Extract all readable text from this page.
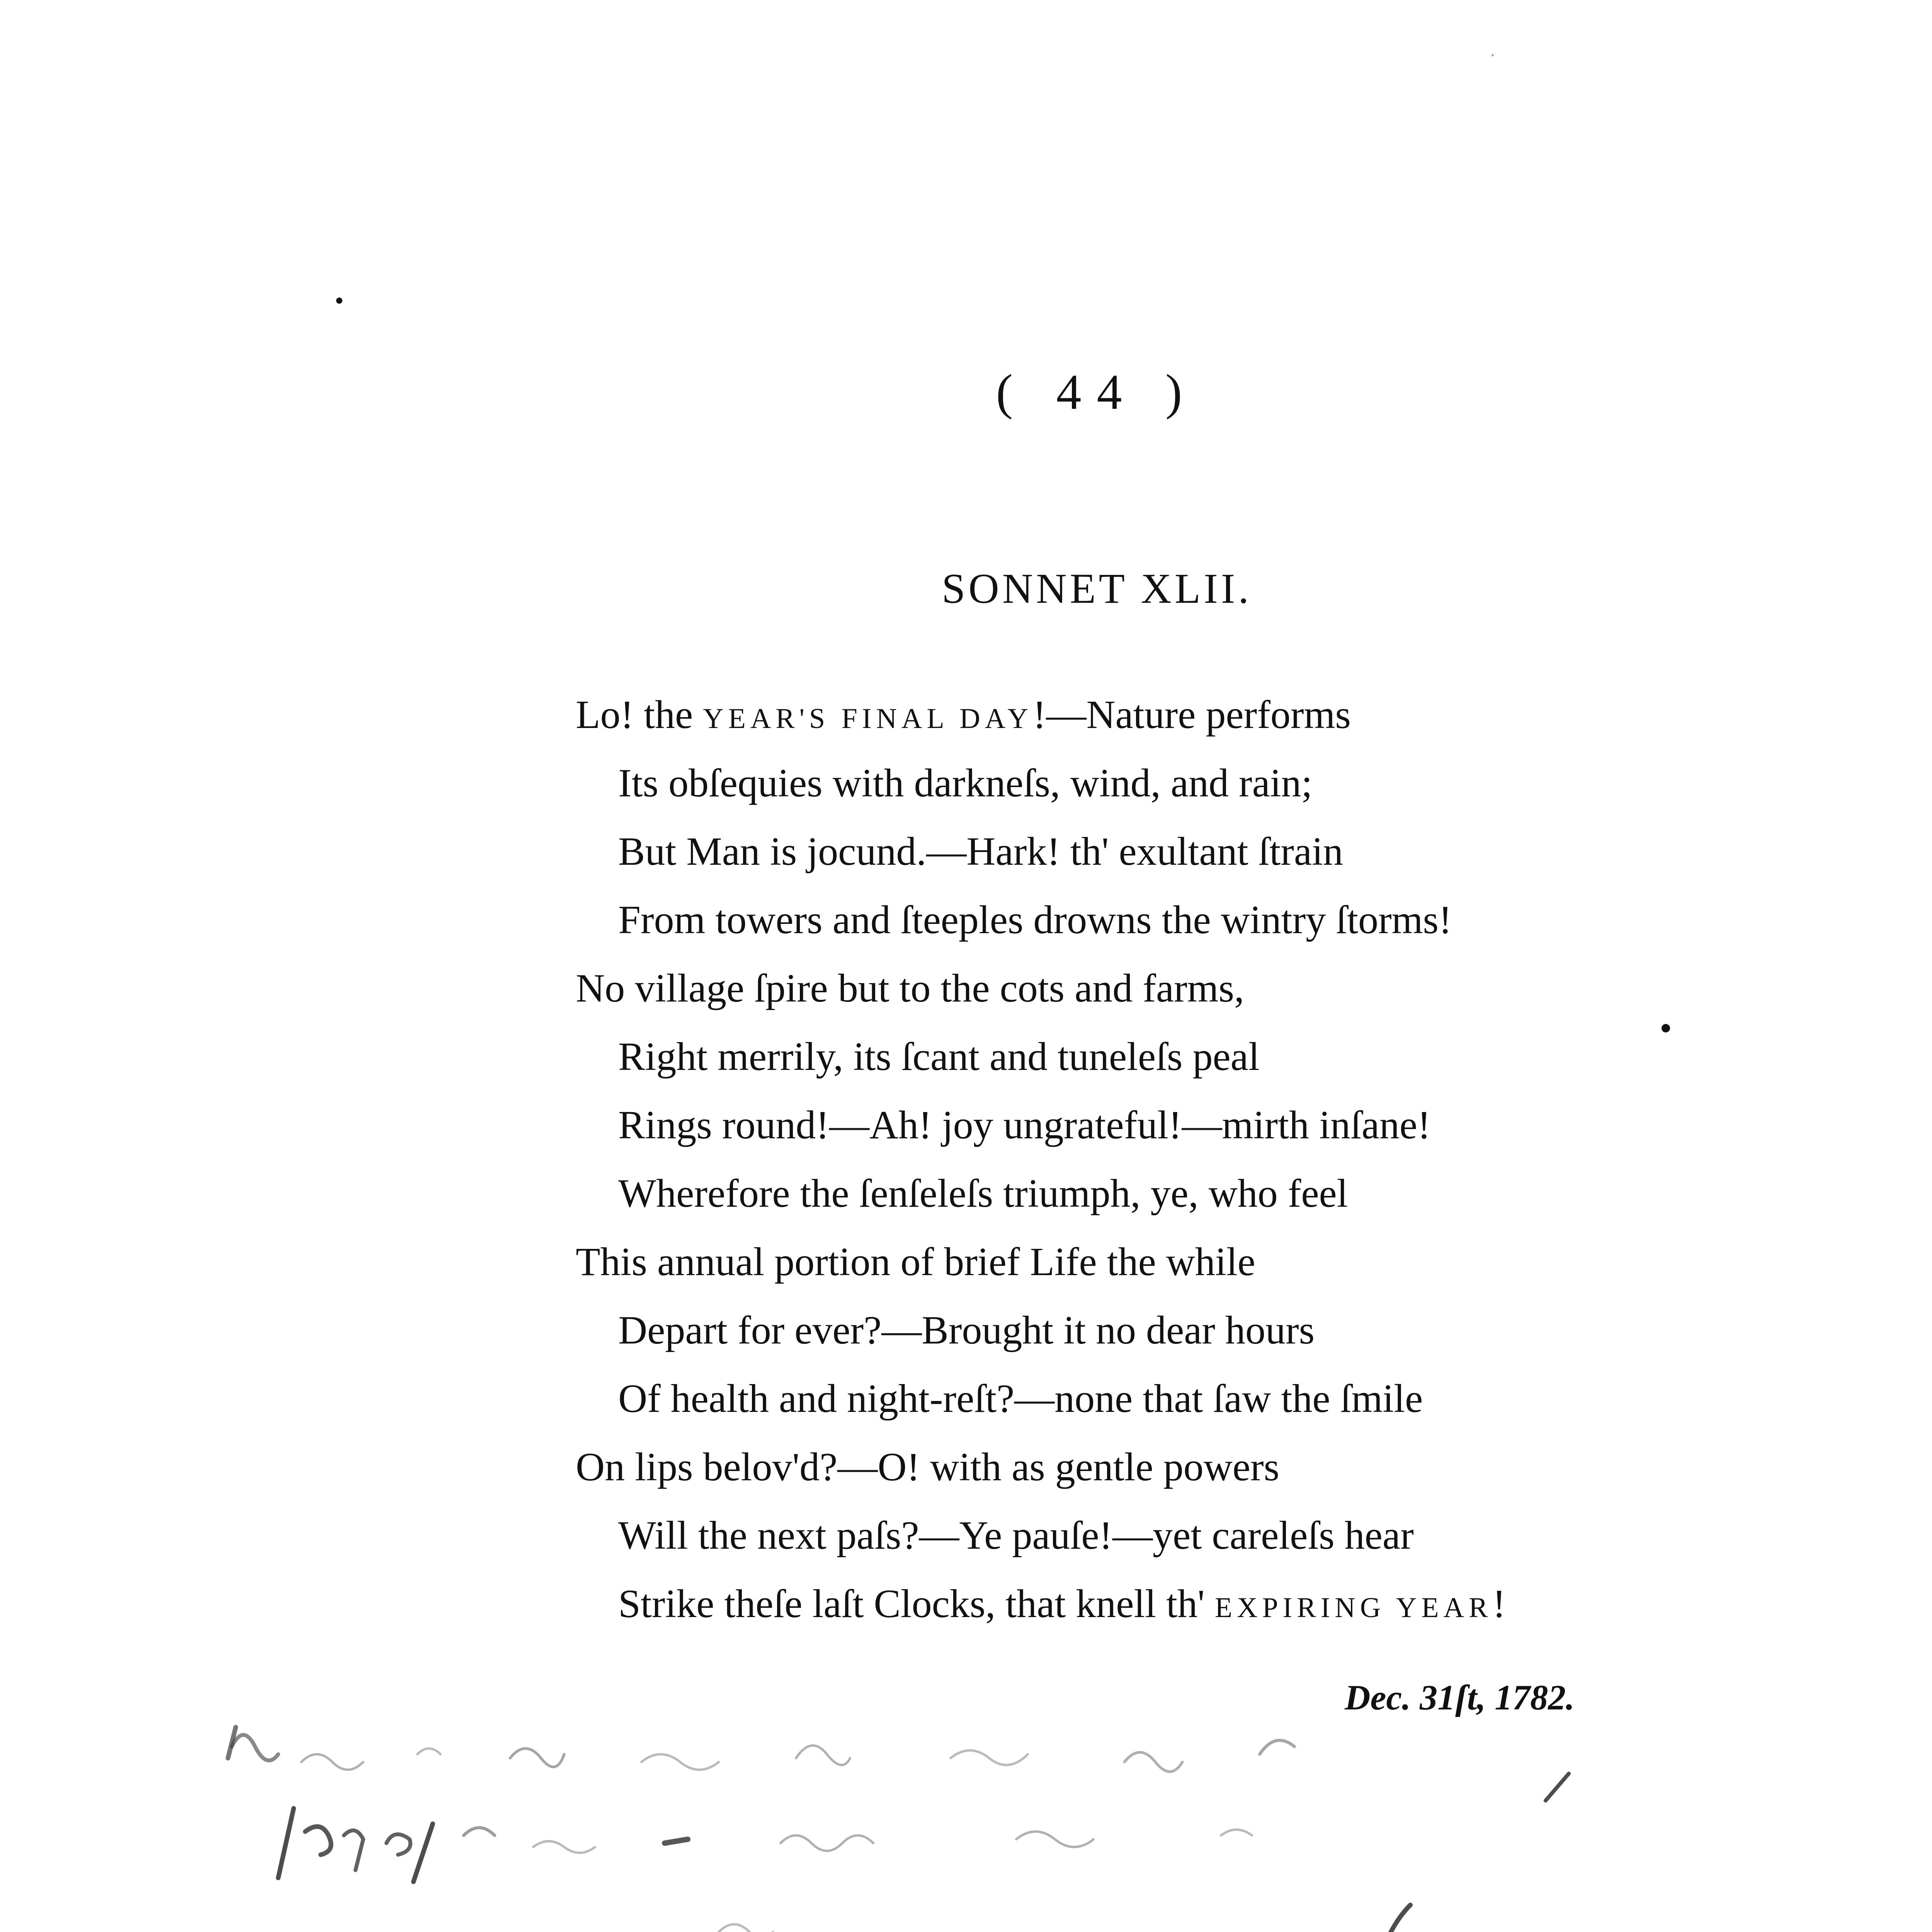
( 44 )
SONNET XLII.
Lo! the YEAR'S FINAL DAY!—Nature performs
Its obſequies with darkneſs, wind, and rain;
But Man is jocund.—Hark! th' exultant ſtrain
From towers and ſteeples drowns the wintry ſtorms!
No village ſpire but to the cots and farms,
Right merrily, its ſcant and tuneleſs peal
Rings round!—Ah! joy ungrateful!—mirth inſane!
Wherefore the ſenſeleſs triumph, ye, who feel
This annual portion of brief Life the while
Depart for ever?—Brought it no dear hours
Of health and night-reſt?—none that ſaw the ſmile
On lips belov'd?—O! with as gentle powers
Will the next paſs?—Ye pauſe!—yet careleſs hear
Strike theſe laſt Clocks, that knell th' EXPIRING YEAR!
Dec. 31ſt, 1782.
